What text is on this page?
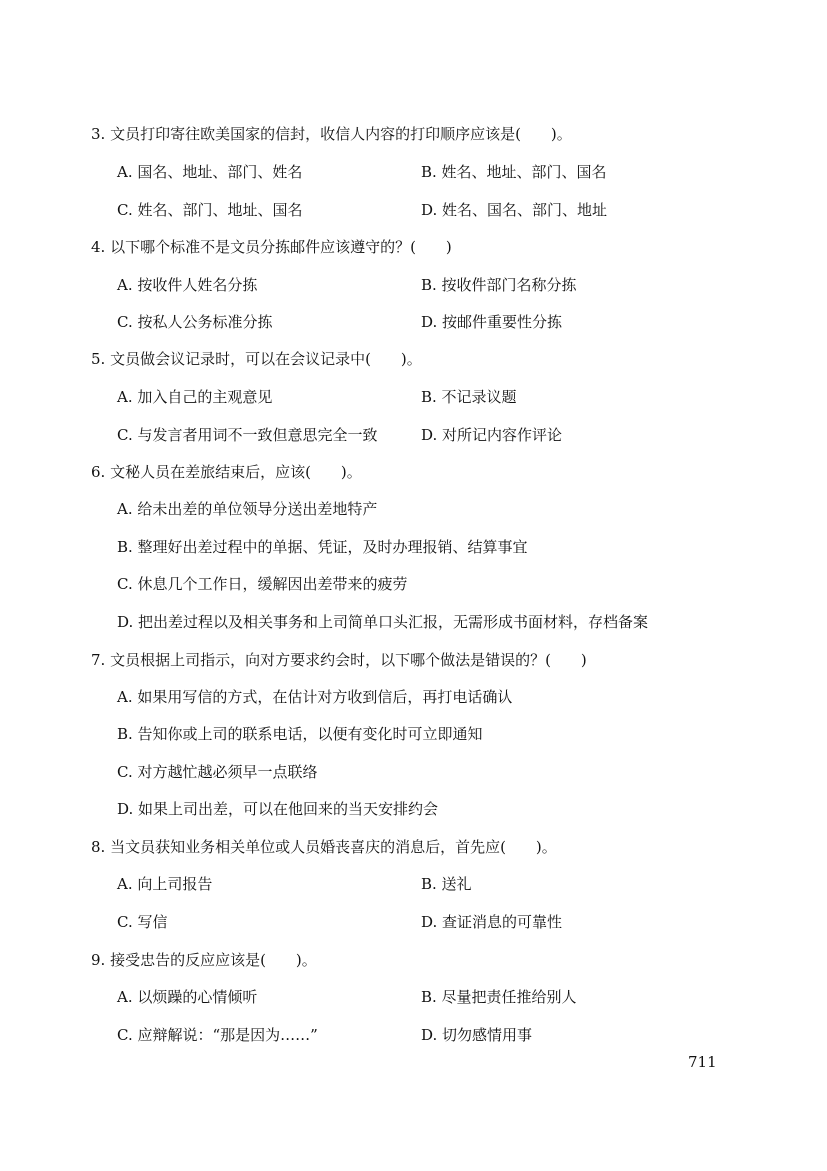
3. 文员打印寄往欧美国家的信封，收信人内容的打印顺序应该是(　　)。
A. 国名、地址、部门、姓名	B. 姓名、地址、部门、国名
C. 姓名、部门、地址、国名	D. 姓名、国名、部门、地址
4. 以下哪个标准不是文员分拣邮件应该遵守的？(　　)
A. 按收件人姓名分拣	B. 按收件部门名称分拣
C. 按私人公务标准分拣	D. 按邮件重要性分拣
5. 文员做会议记录时，可以在会议记录中(　　)。
A. 加入自己的主观意见	B. 不记录议题
C. 与发言者用词不一致但意思完全一致	D. 对所记内容作评论
6. 文秘人员在差旅结束后，应该(　　)。
A. 给未出差的单位领导分送出差地特产
B. 整理好出差过程中的单据、凭证，及时办理报销、结算事宜
C. 休息几个工作日，缓解因出差带来的疲劳
D. 把出差过程以及相关事务和上司简单口头汇报，无需形成书面材料，存档备案
7. 文员根据上司指示，向对方要求约会时，以下哪个做法是错误的？(　　)
A. 如果用写信的方式，在估计对方收到信后，再打电话确认
B. 告知你或上司的联系电话，以便有变化时可立即通知
C. 对方越忙越必须早一点联络
D. 如果上司出差，可以在他回来的当天安排约会
8. 当文员获知业务相关单位或人员婚丧喜庆的消息后，首先应(　　)。
A. 向上司报告	B. 送礼
C. 写信	D. 查证消息的可靠性
9. 接受忠告的反应应该是(　　)。
A. 以烦躁的心情倾听	B. 尽量把责任推给别人
C. 应辩解说：“那是因为……”	D. 切勿感情用事
711
